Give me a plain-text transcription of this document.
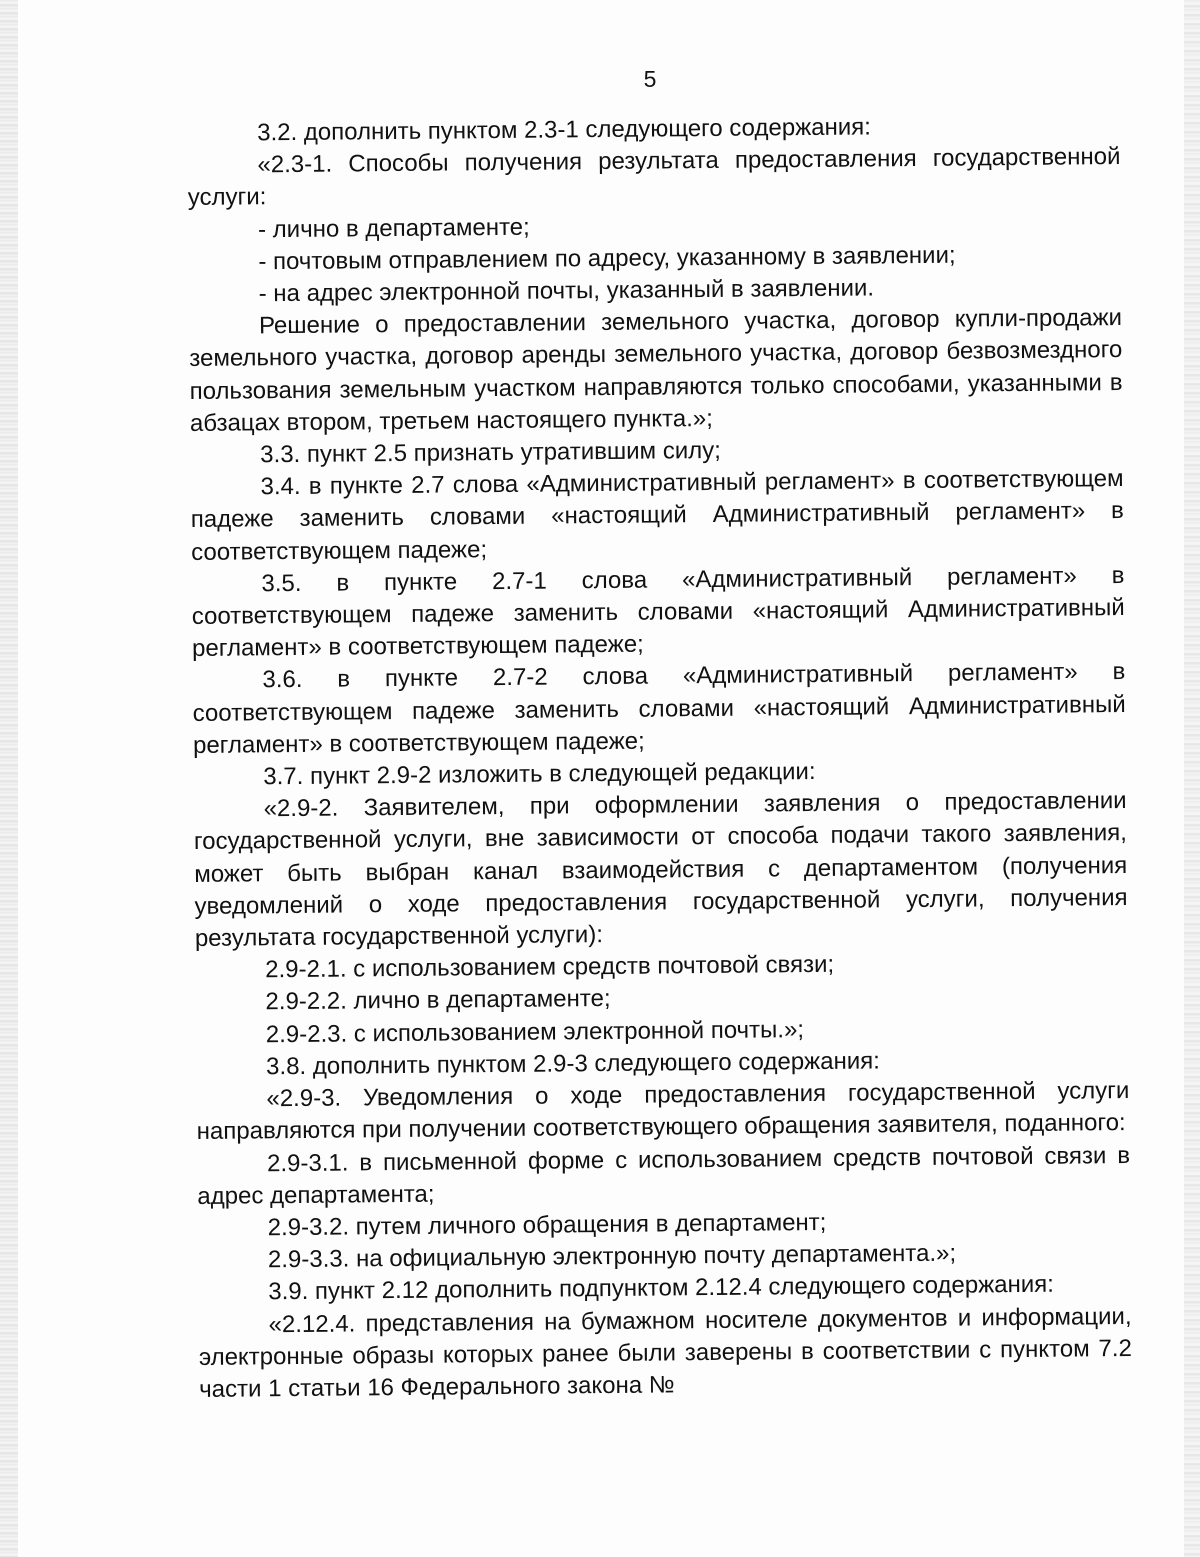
5

3.2. дополнить пунктом 2.3-1 следующего содержания:

«2.3-1. Способы получения результата предоставления государственной услуги:

- лично в департаменте;

- почтовым отправлением по адресу, указанному в заявлении;

- на адрес электронной почты, указанный в заявлении.

Решение о предоставлении земельного участка, договор купли-продажи земельного участка, договор аренды земельного участка, договор безвозмездного пользования земельным участком направляются только способами, указанными в абзацах втором, третьем настоящего пункта.»;

3.3. пункт 2.5 признать утратившим силу;

3.4. в пункте 2.7 слова «Административный регламент» в соответствующем падеже заменить словами «настоящий Административный регламент» в соответствующем падеже;

3.5. в пункте 2.7-1 слова «Административный регламент» в соответствующем падеже заменить словами «настоящий Административный регламент» в соответствующем падеже;

3.6. в пункте 2.7-2 слова «Административный регламент» в соответствующем падеже заменить словами «настоящий Административный регламент» в соответствующем падеже;

3.7. пункт 2.9-2 изложить в следующей редакции:

«2.9-2. Заявителем, при оформлении заявления о предоставлении государственной услуги, вне зависимости от способа подачи такого заявления, может быть выбран канал взаимодействия с департаментом (получения уведомлений о ходе предоставления государственной услуги, получения результата государственной услуги):

2.9-2.1. с использованием средств почтовой связи;

2.9-2.2. лично в департаменте;

2.9-2.3. с использованием электронной почты.»;

3.8. дополнить пунктом 2.9-3 следующего содержания:

«2.9-3. Уведомления о ходе предоставления государственной услуги направляются при получении соответствующего обращения заявителя, поданного:

2.9-3.1. в письменной форме с использованием средств почтовой связи в адрес департамента;

2.9-3.2. путем личного обращения в департамент;

2.9-3.3. на официальную электронную почту департамента.»;

3.9. пункт 2.12 дополнить подпунктом 2.12.4 следующего содержания:

«2.12.4. представления на бумажном носителе документов и информации, электронные образы которых ранее были заверены в соответствии с пунктом 7.2 части 1 статьи 16 Федерального закона №
